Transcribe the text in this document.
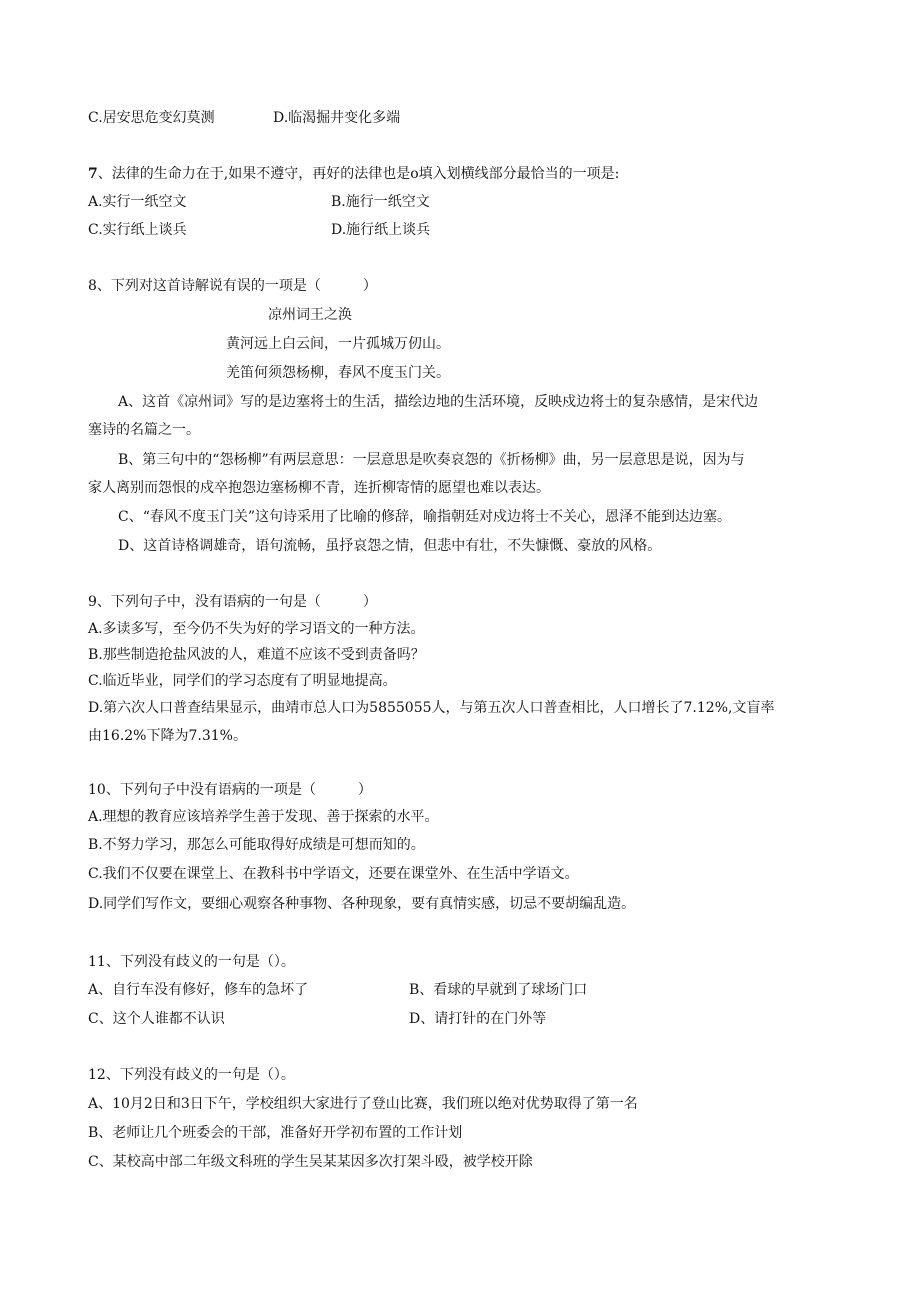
C.居安思危变幻莫测	D.临渴掘井变化多端

7、法律的生命力在于,如果不遵守，再好的法律也是o填入划横线部分最恰当的一项是:

A.实行一纸空文	B.施行一纸空文

C.实行纸上谈兵	D.施行纸上谈兵

8、下列对这首诗解说有误的一项是（　　　）

凉州词王之涣

黄河远上白云间，一片孤城万仞山。

羌笛何须怨杨柳，春风不度玉门关。

A、这首《凉州词》写的是边塞将士的生活，描绘边地的生活环境，反映戍边将士的复杂感情，是宋代边

塞诗的名篇之一。

B、第三句中的“怨杨柳”有两层意思：一层意思是吹奏哀怨的《折杨柳》曲，另一层意思是说，因为与

家人离别而怨恨的戍卒抱怨边塞杨柳不青，连折柳寄情的愿望也难以表达。

C、“春风不度玉门关”这句诗采用了比喻的修辞，喻指朝廷对戍边将士不关心，恩泽不能到达边塞。

D、这首诗格调雄奇，语句流畅，虽抒哀怨之情，但悲中有壮，不失慷慨、豪放的风格。

9、下列句子中，没有语病的一句是（　　　）

A.多读多写，至今仍不失为好的学习语文的一种方法。

B.那些制造抢盐风波的人，难道不应该不受到责备吗？

C.临近毕业，同学们的学习态度有了明显地提高。

D.第六次人口普查结果显示，曲靖市总人口为5855055人，与第五次人口普查相比，人口增长了7.12%,文盲率

由16.2%下降为7.31%。

10、下列句子中没有语病的一项是（　　　）

A.理想的教育应该培养学生善于发现、善于探索的水平。

B.不努力学习，那怎么可能取得好成绩是可想而知的。

C.我们不仅要在课堂上、在教科书中学语文，还要在课堂外、在生活中学语文。

D.同学们写作文，要细心观察各种事物、各种现象，要有真情实感，切忌不要胡编乱造。

11、下列没有歧义的一句是（）。

A、自行车没有修好，修车的急坏了	B、看球的早就到了球场门口

C、这个人谁都不认识	D、请打针的在门外等

12、下列没有歧义的一句是（）。

A、10月2日和3日下午，学校组织大家进行了登山比赛，我们班以绝对优势取得了第一名

B、老师让几个班委会的干部，准备好开学初布置的工作计划

C、某校高中部二年级文科班的学生吴某某因多次打架斗殴，被学校开除
